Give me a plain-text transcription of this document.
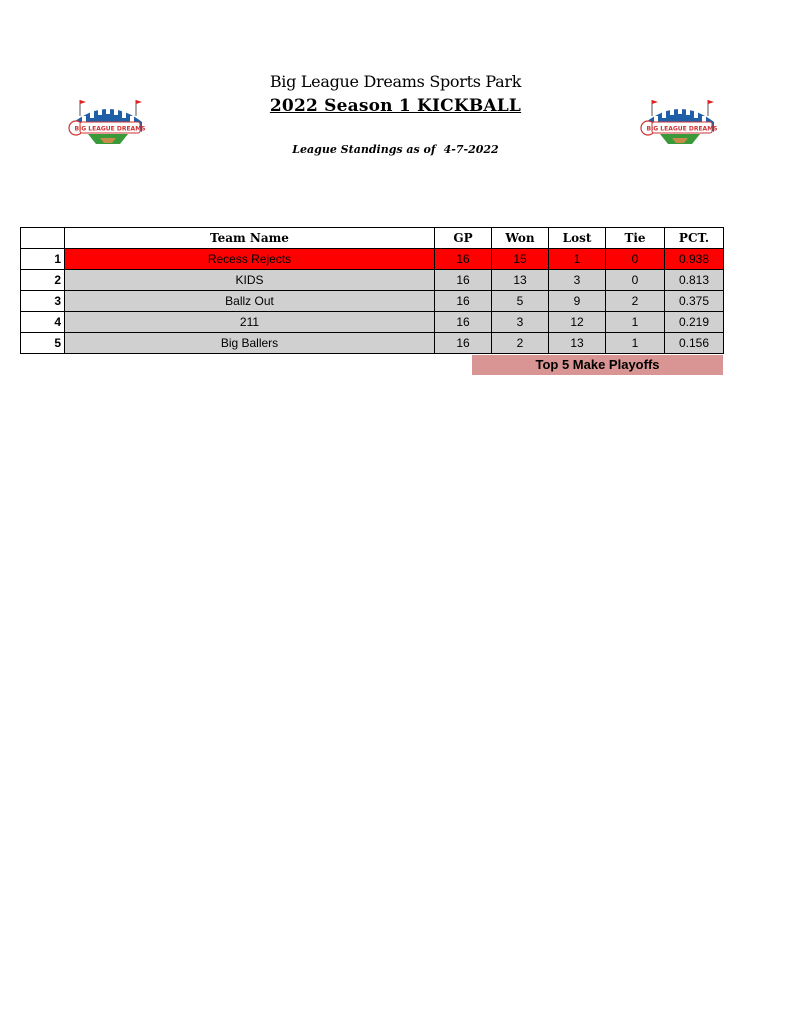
BIG LEAGUE DREAMS	BIG LEAGUE DREAMS
Big League Dreams Sports Park
2022 Season 1 KICKBALL
League Standings as of 4-7-2022
	Team Name	GP	Won	Lost	Tie	PCT.
1	Recess Rejects	16	15	1	0	0.938
2	KIDS	16	13	3	0	0.813
3	Ballz Out	16	5	9	2	0.375
4	211	16	3	12	1	0.219
5	Big Ballers	16	2	13	1	0.156
Top 5 Make Playoffs
